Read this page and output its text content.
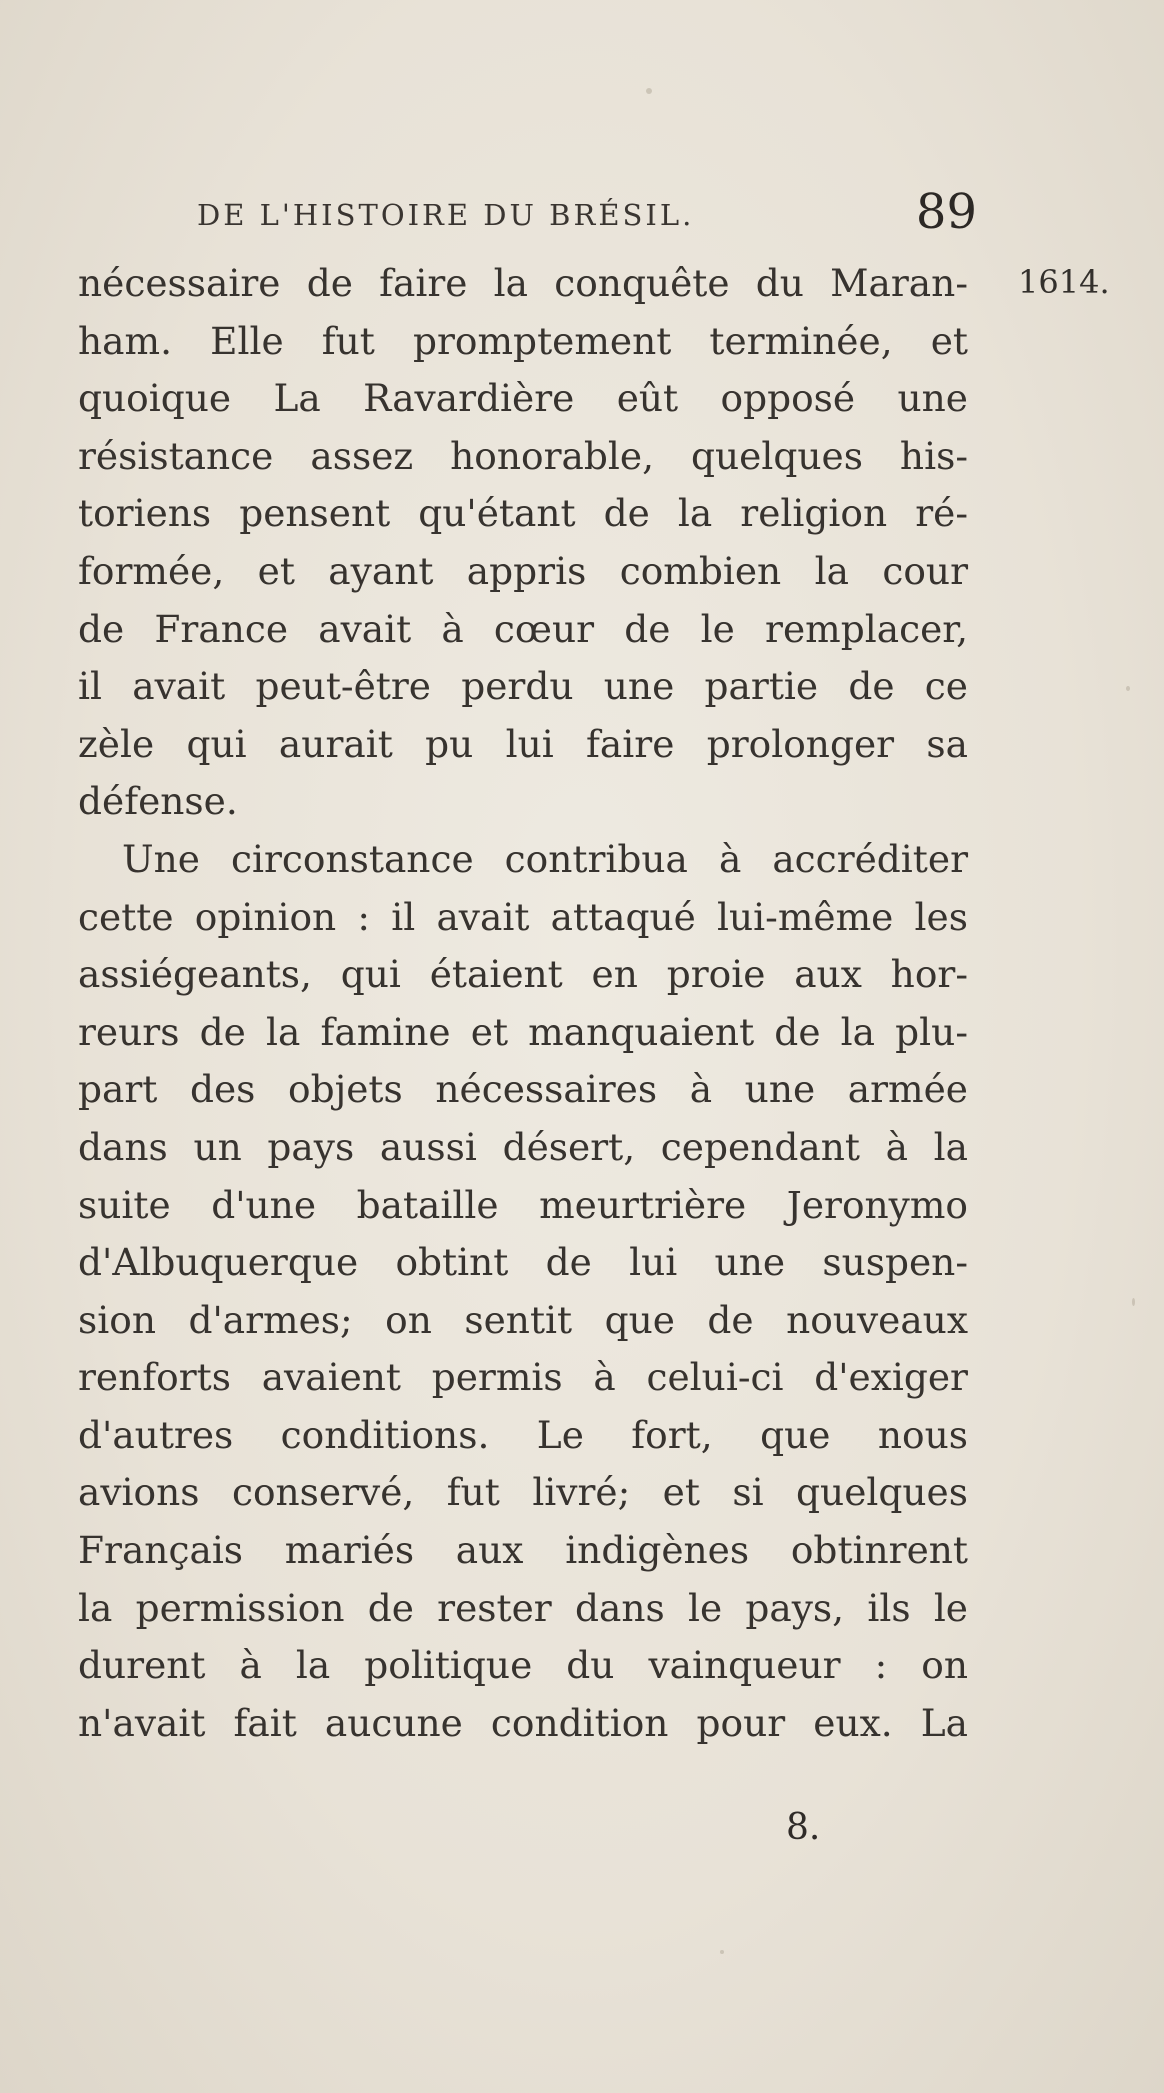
DE L'HISTOIRE DU BRÉSIL.	89
1614.
nécessaire de faire la conquête du Maran-
ham. Elle fut promptement terminée, et
quoique La Ravardière eût opposé une
résistance assez honorable, quelques his-
toriens pensent qu'étant de la religion ré-
formée, et ayant appris combien la cour
de France avait à cœur de le remplacer,
il avait peut-être perdu une partie de ce
zèle qui aurait pu lui faire prolonger sa
défense.
Une circonstance contribua à accréditer
cette opinion : il avait attaqué lui-même les
assiégeants, qui étaient en proie aux hor-
reurs de la famine et manquaient de la plu-
part des objets nécessaires à une armée
dans un pays aussi désert, cependant à la
suite d'une bataille meurtrière Jeronymo
d'Albuquerque obtint de lui une suspen-
sion d'armes; on sentit que de nouveaux
renforts avaient permis à celui-ci d'exiger
d'autres conditions. Le fort, que nous
avions conservé, fut livré; et si quelques
Français mariés aux indigènes obtinrent
la permission de rester dans le pays, ils le
durent à la politique du vainqueur : on
n'avait fait aucune condition pour eux. La
8.
